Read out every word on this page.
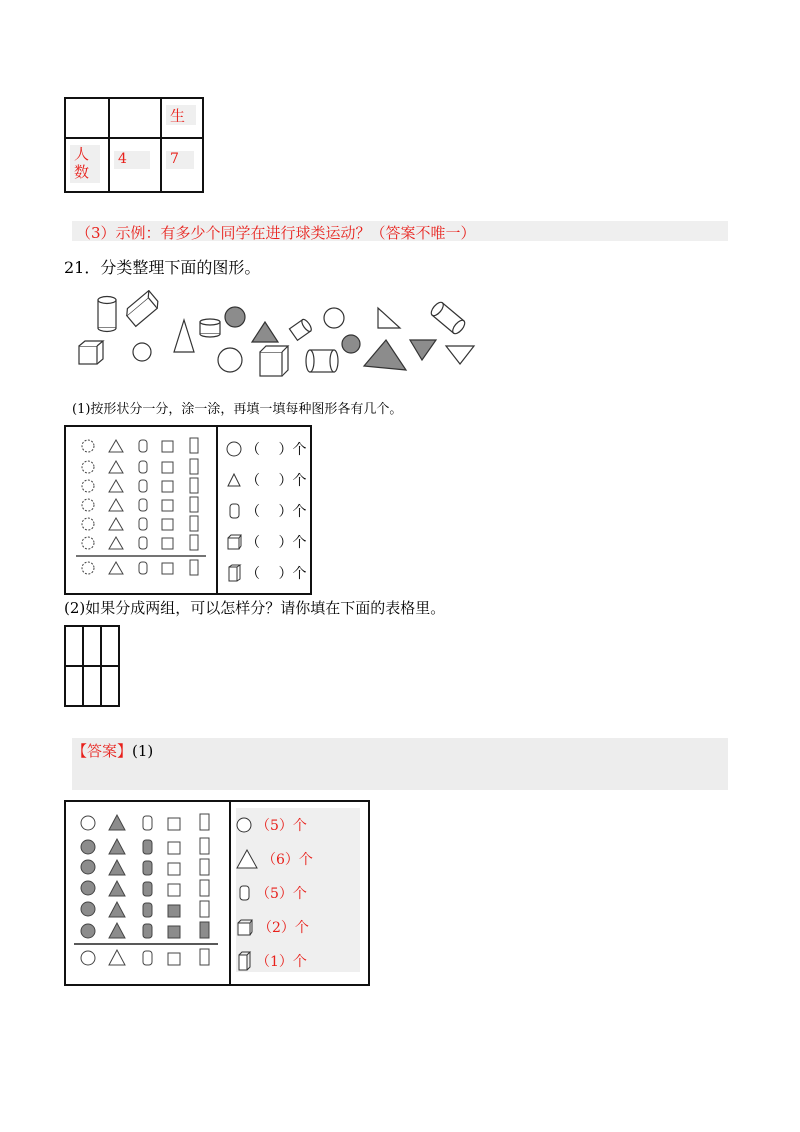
		生

人数	4	7
（3）示例：有多少个同学在进行球类运动？（答案不唯一）
21．分类整理下面的图形。
(1)按形状分一分，涂一涂，再填一填每种图形各有几个。
（　 ）个
（　 ）个
（　 ）个
（　 ）个
（　 ）个
(2)如果分成两组，可以怎样分？请你填在下面的表格里。

【答案】(1)
（5）个
（6）个
（5）个
（2）个
（1）个
